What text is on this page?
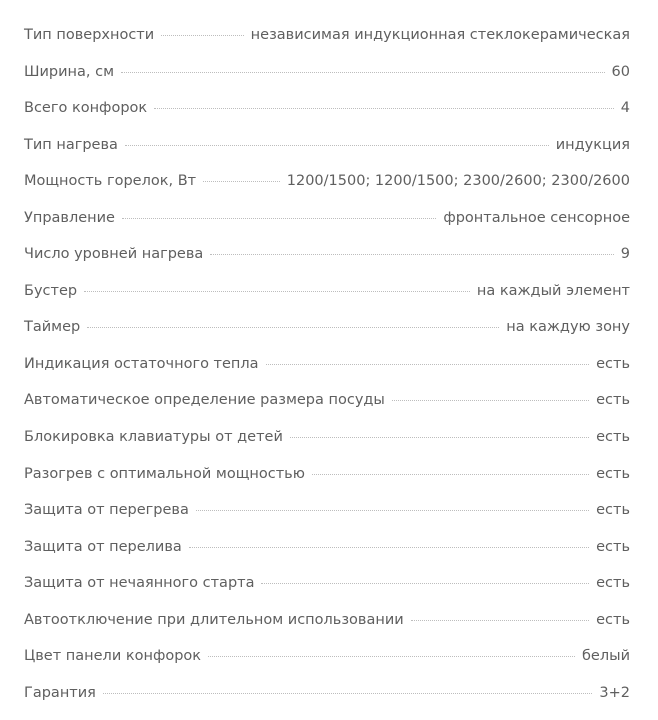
Тип поверхности	независимая индукционная стеклокерамическая
Ширина, см	60
Всего конфорок	4
Тип нагрева	индукция
Мощность горелок, Вт	1200/1500; 1200/1500; 2300/2600; 2300/2600
Управление	фронтальное сенсорное
Число уровней нагрева	9
Бустер	на каждый элемент
Таймер	на каждую зону
Индикация остаточного тепла	есть
Автоматическое определение размера посуды	есть
Блокировка клавиатуры от детей	есть
Разогрев с оптимальной мощностью	есть
Защита от перегрева	есть
Защита от перелива	есть
Защита от нечаянного старта	есть
Автоотключение при длительном использовании	есть
Цвет панели конфорок	белый
Гарантия	3+2
